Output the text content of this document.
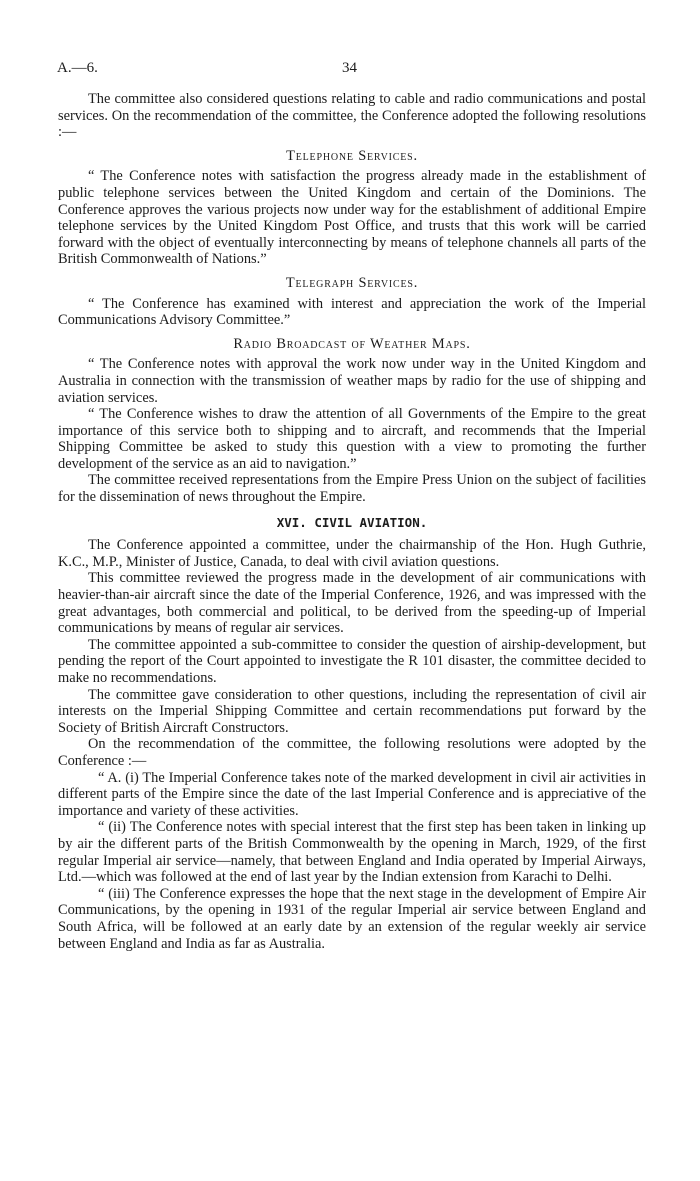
A.—6.	34

The committee also considered questions relating to cable and radio communications and postal services. On the recommendation of the committee, the Conference adopted the following resolutions :—

Telephone Services.

“ The Conference notes with satisfaction the progress already made in the establishment of public telephone services between the United Kingdom and certain of the Dominions. The Conference approves the various projects now under way for the establishment of additional Empire telephone services by the United Kingdom Post Office, and trusts that this work will be carried forward with the object of eventually interconnecting by means of telephone channels all parts of the British Commonwealth of Nations.”

Telegraph Services.

“ The Conference has examined with interest and appreciation the work of the Imperial Communications Advisory Committee.”

Radio Broadcast of Weather Maps.

“ The Conference notes with approval the work now under way in the United Kingdom and Australia in connection with the transmission of weather maps by radio for the use of shipping and aviation services.

“ The Conference wishes to draw the attention of all Governments of the Empire to the great importance of this service both to shipping and to aircraft, and recommends that the Imperial Shipping Committee be asked to study this question with a view to promoting the further development of the service as an aid to navigation.”

The committee received representations from the Empire Press Union on the subject of facilities for the dissemination of news throughout the Empire.

XVI. CIVIL AVIATION.

The Conference appointed a committee, under the chairmanship of the Hon. Hugh Guthrie, K.C., M.P., Minister of Justice, Canada, to deal with civil aviation questions.

This committee reviewed the progress made in the development of air communications with heavier-than-air aircraft since the date of the Imperial Conference, 1926, and was impressed with the great advantages, both commercial and political, to be derived from the speeding-up of Imperial communications by means of regular air services.

The committee appointed a sub-committee to consider the question of airship-development, but pending the report of the Court appointed to investigate the R 101 disaster, the committee decided to make no recommendations.

The committee gave consideration to other questions, including the representation of civil air interests on the Imperial Shipping Committee and certain recommendations put forward by the Society of British Aircraft Constructors.

On the recommendation of the committee, the following resolutions were adopted by the Conference :—

“ A. (i) The Imperial Conference takes note of the marked development in civil air activities in different parts of the Empire since the date of the last Imperial Conference and is appreciative of the importance and variety of these activities.

“ (ii) The Conference notes with special interest that the first step has been taken in linking up by air the different parts of the British Commonwealth by the opening in March, 1929, of the first regular Imperial air service—namely, that between England and India operated by Imperial Airways, Ltd.—which was followed at the end of last year by the Indian extension from Karachi to Delhi.

“ (iii) The Conference expresses the hope that the next stage in the development of Empire Air Communications, by the opening in 1931 of the regular Imperial air service between England and South Africa, will be followed at an early date by an extension of the regular weekly air service between England and India as far as Australia.
